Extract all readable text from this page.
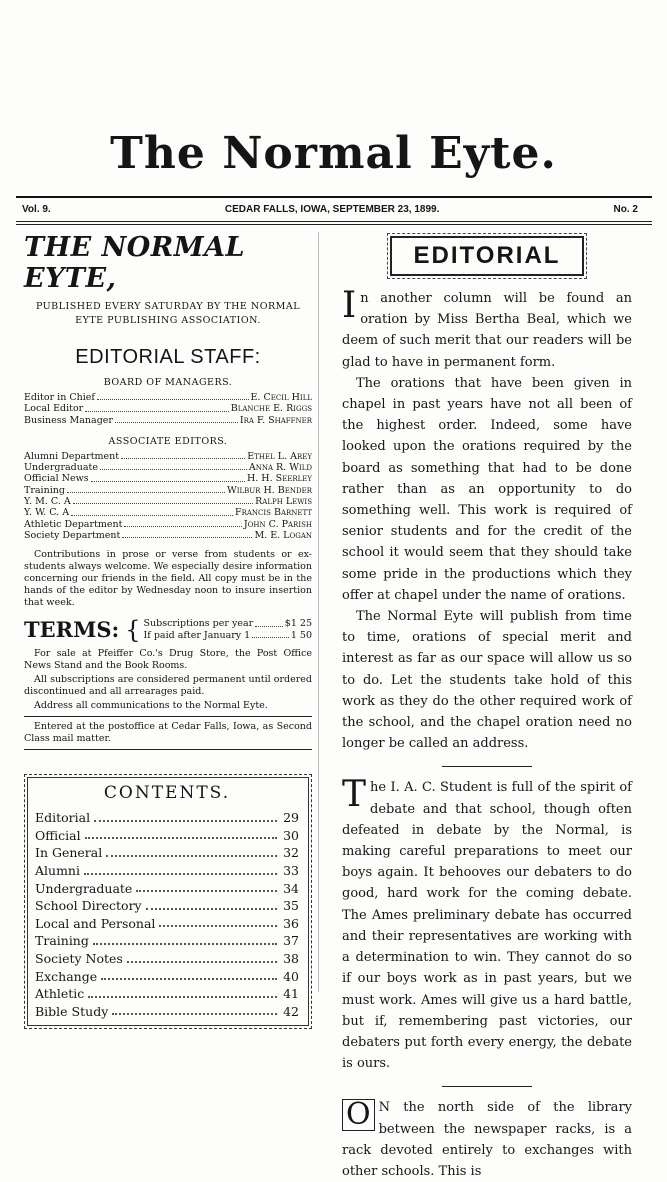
The Normal Eyte.
Vol. 9.	CEDAR FALLS, IOWA, SEPTEMBER 23, 1899.	No. 2
THE NORMAL EYTE,

PUBLISHED EVERY SATURDAY BY THE NORMAL EYTE PUBLISHING ASSOCIATION.

EDITORIAL STAFF:
BOARD OF MANAGERS.
Editor in Chief	E. Cecil Hill
Local Editor	Blanche E. Riggs
Business Manager	Ira F. Shaffner
ASSOCIATE EDITORS.
Alumni Department	Ethel L. Arey
Undergraduate	Anna R. Wild
Official News	H. H. Seerley
Training	Wilbur H. Bender
Y. M. C. A	Ralph Lewis
Y. W. C. A	Francis Barnett
Athletic Department	John C. Parish
Society Department	M. E. Logan

Contributions in prose or verse from students or ex-students always welcome. We especially desire information concerning our friends in the field. All copy must be in the hands of the editor by Wednesday noon to insure insertion that week.

TERMS: { Subscriptions per year	$1 25
If paid after January 1	1 50

For sale at Pfeiffer Co.'s Drug Store, the Post Office News Stand and the Book Rooms.

All subscriptions are considered permanent until ordered discontinued and all arrearages paid.

Address all communications to the Normal Eyte.

Entered at the postoffice at Cedar Falls, Iowa, as Second Class mail matter.

CONTENTS.
Editorial	29
Official	30
In General	32
Alumni	33
Undergraduate	34
School Directory	35
Local and Personal	36
Training	37
Society Notes	38
Exchange	40
Athletic	41
Bible Study	42
EDITORIAL

In another column will be found an oration by Miss Bertha Beal, which we deem of such merit that our readers will be glad to have in permanent form.

The orations that have been given in chapel in past years have not all been of the highest order. Indeed, some have looked upon the orations required by the board as something that had to be done rather than as an opportunity to do something well. This work is required of senior students and for the credit of the school it would seem that they should take some pride in the productions which they offer at chapel under the name of orations.

The Normal Eyte will publish from time to time, orations of special merit and interest as far as our space will allow us so to do. Let the students take hold of this work as they do the other required work of the school, and the chapel oration need no longer be called an address.

The I. A. C. Student is full of the spirit of debate and that school, though often defeated in debate by the Normal, is making careful preparations to meet our boys again. It behooves our debaters to do good, hard work for the coming debate. The Ames preliminary debate has occurred and their representatives are working with a determination to win. They cannot do so if our boys work as in past years, but we must work. Ames will give us a hard battle, but if, remembering past victories, our debaters put forth every energy, the debate is ours.

O N the north side of the library between the newspaper racks, is a rack devoted entirely to exchanges with other schools. This is
